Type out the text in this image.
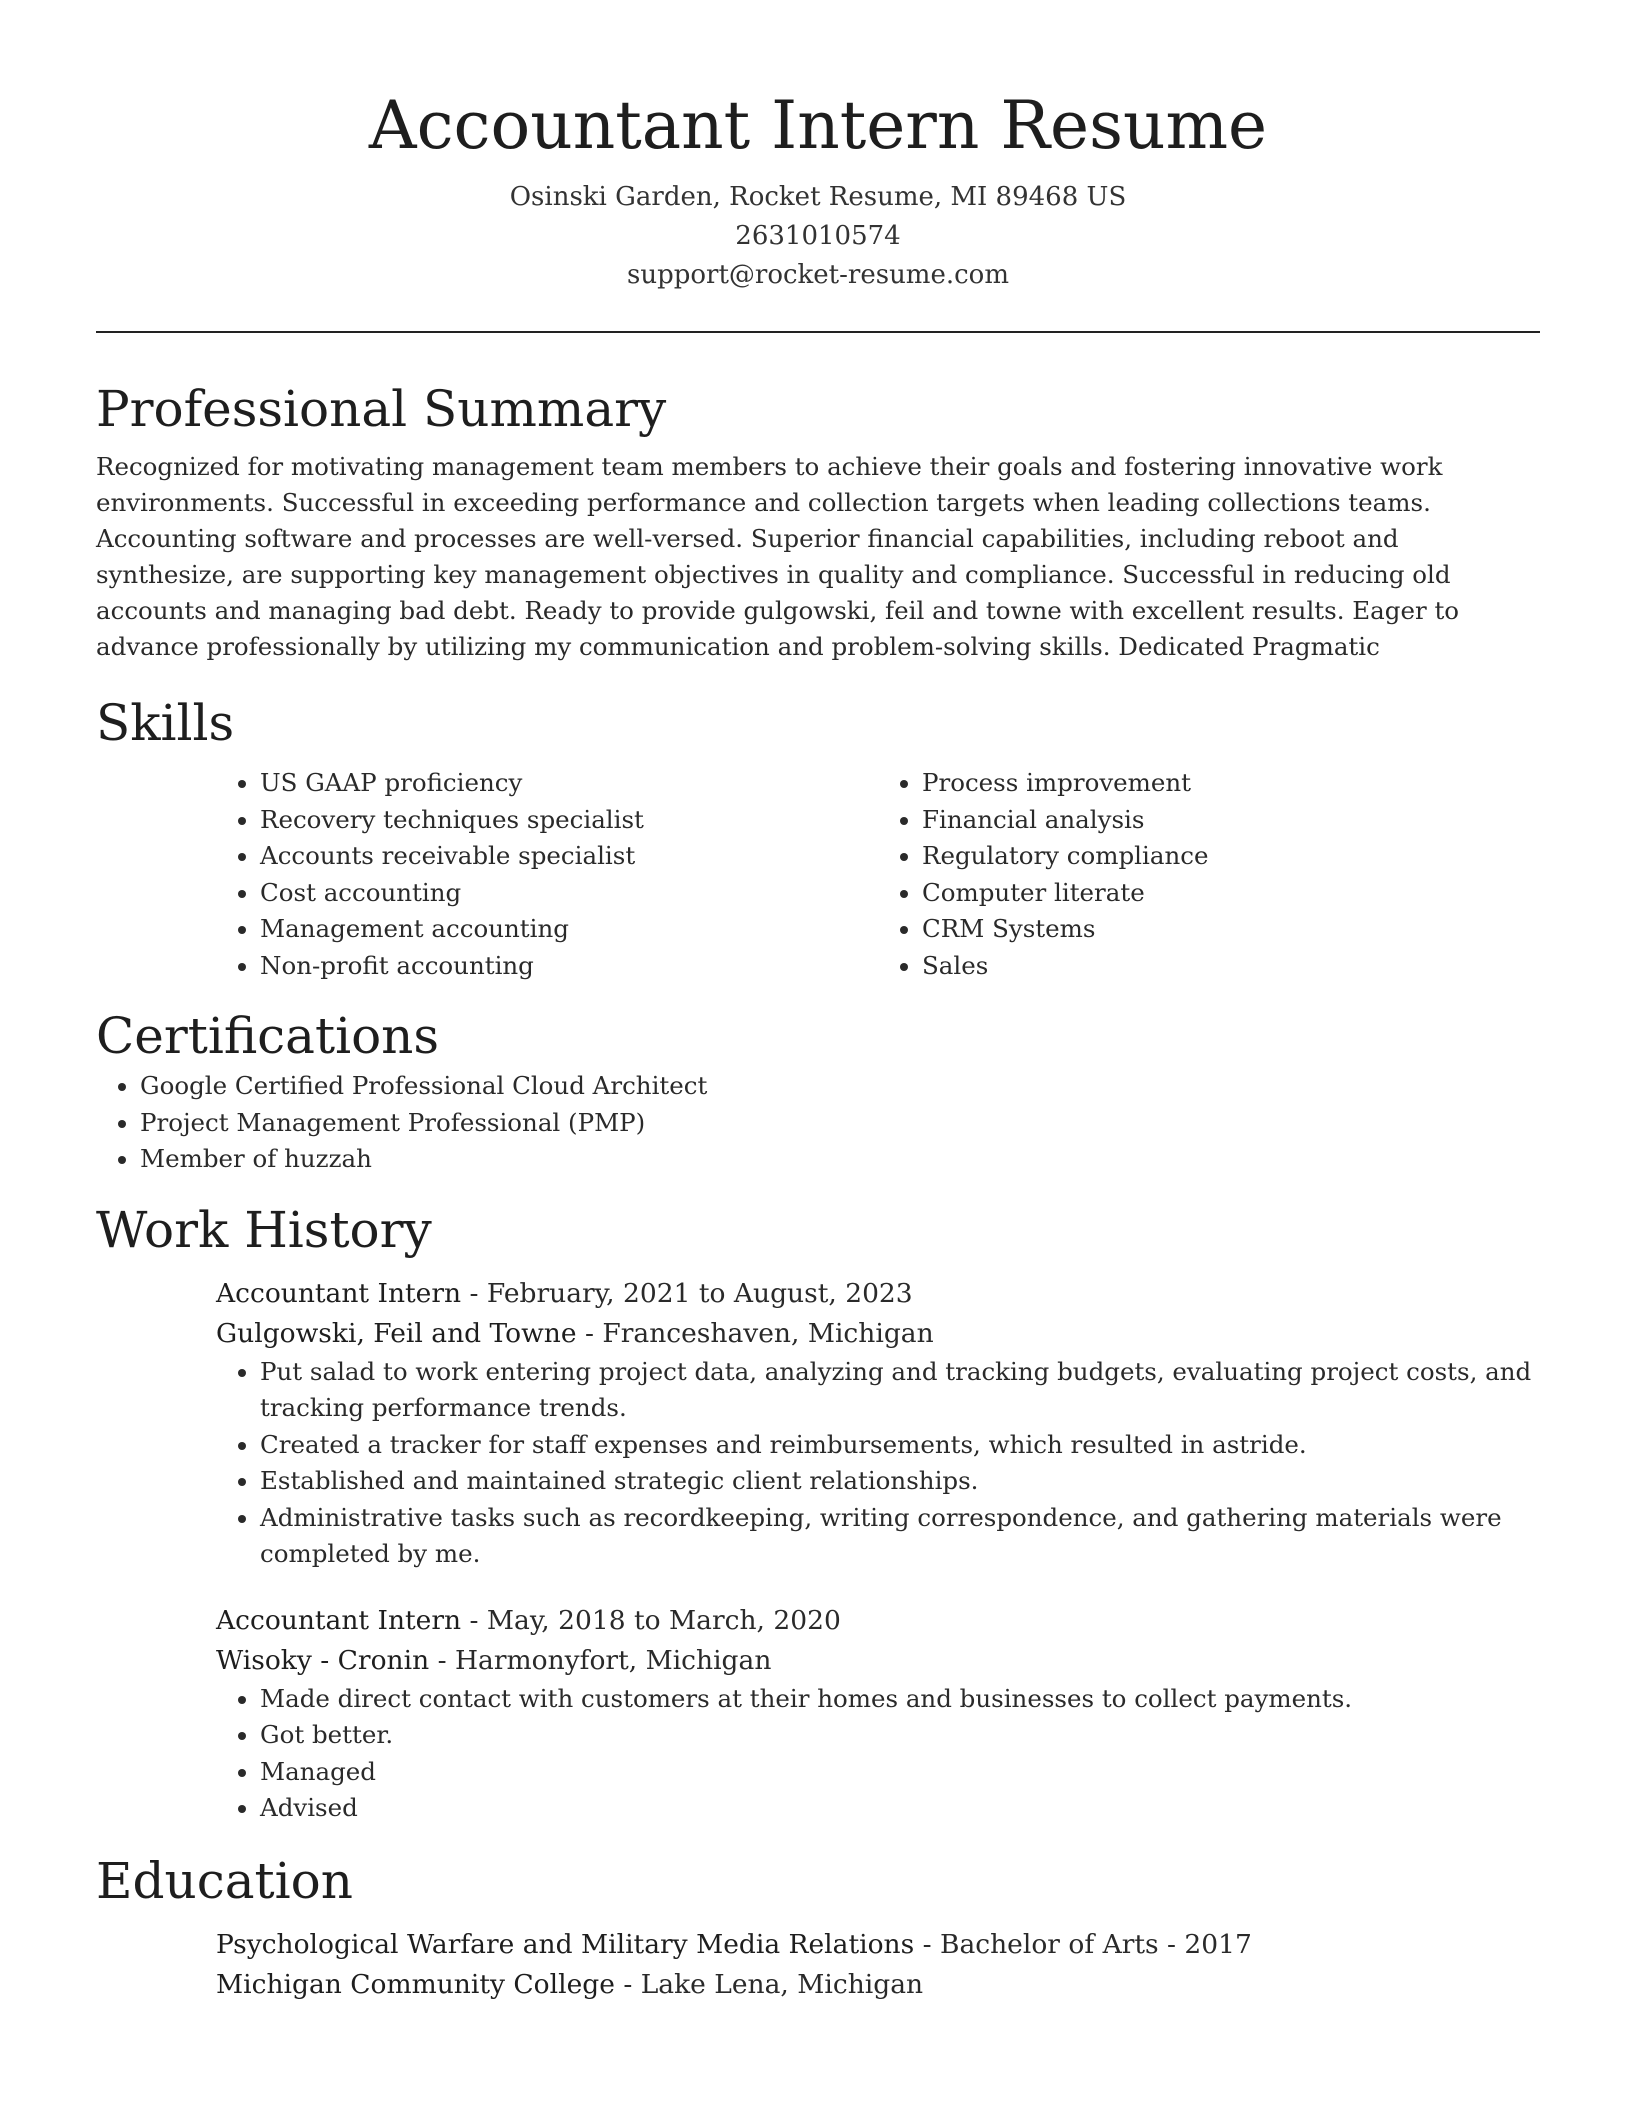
Accountant Intern Resume

Osinski Garden, Rocket Resume, MI 89468 US

2631010574

support@rocket-resume.com

Professional Summary

Recognized for motivating management team members to achieve their goals and fostering innovative work environments. Successful in exceeding performance and collection targets when leading collections teams. Accounting software and processes are well-versed. Superior financial capabilities, including reboot and synthesize, are supporting key management objectives in quality and compliance. Successful in reducing old accounts and managing bad debt. Ready to provide gulgowski, feil and towne with excellent results. Eager to advance professionally by utilizing my communication and problem-solving skills. Dedicated Pragmatic

Skills
• US GAAP proficiency
• Recovery techniques specialist
• Accounts receivable specialist
• Cost accounting
• Management accounting
• Non-profit accounting
• Process improvement
• Financial analysis
• Regulatory compliance
• Computer literate
• CRM Systems
• Sales
Certifications
• Google Certified Professional Cloud Architect
• Project Management Professional (PMP)
• Member of huzzah
Work History

Accountant Intern - February, 2021 to August, 2023

Gulgowski, Feil and Towne - Franceshaven, Michigan

• Put salad to work entering project data, analyzing and tracking budgets, evaluating project costs, and tracking performance trends.
• Created a tracker for staff expenses and reimbursements, which resulted in astride.
• Established and maintained strategic client relationships.
• Administrative tasks such as recordkeeping, writing correspondence, and gathering materials were completed by me.

Accountant Intern - May, 2018 to March, 2020

Wisoky - Cronin - Harmonyfort, Michigan

• Made direct contact with customers at their homes and businesses to collect payments.
• Got better.
• Managed
• Advised
Education

Psychological Warfare and Military Media Relations - Bachelor of Arts - 2017

Michigan Community College - Lake Lena, Michigan
